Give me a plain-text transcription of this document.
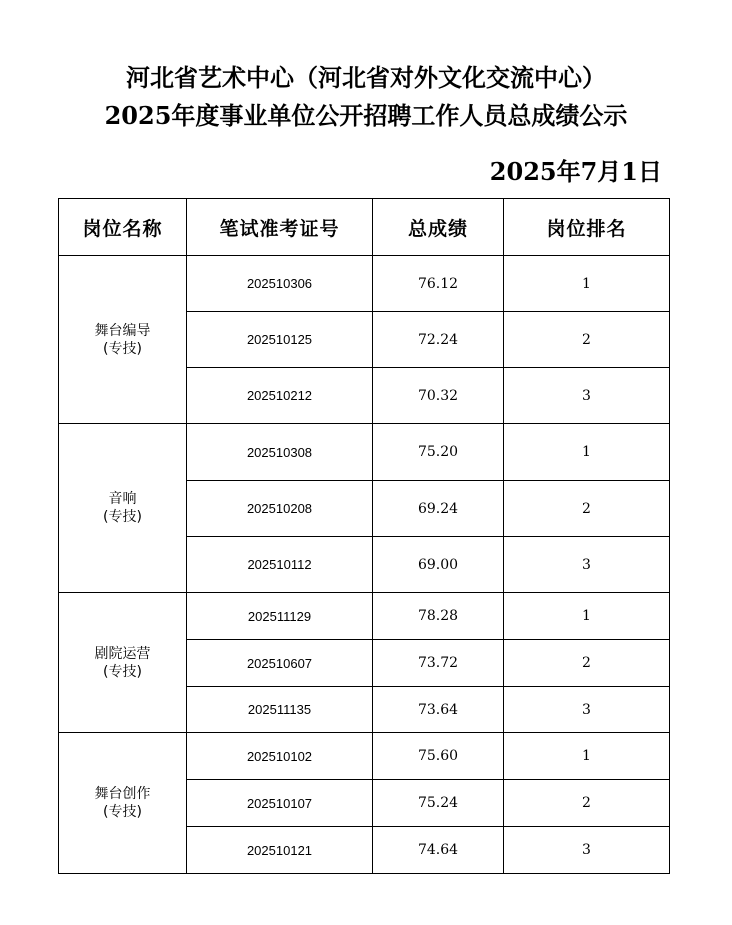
河北省艺术中心（河北省对外文化交流中心）
2025年度事业单位公开招聘工作人员总成绩公示
2025年7月1日
岗位名称	笔试准考证号	总成绩	岗位排名

舞台编导
(专技)	202510306	76.12	1
	202510125	72.24	2
	202510212	70.32	3

音响
(专技)	202510308	75.20	1
	202510208	69.24	2
	202510112	69.00	3

剧院运营
(专技)	202511129	78.28	1
	202510607	73.72	2
	202511135	73.64	3

舞台创作
(专技)	202510102	75.60	1
	202510107	75.24	2
	202510121	74.64	3
